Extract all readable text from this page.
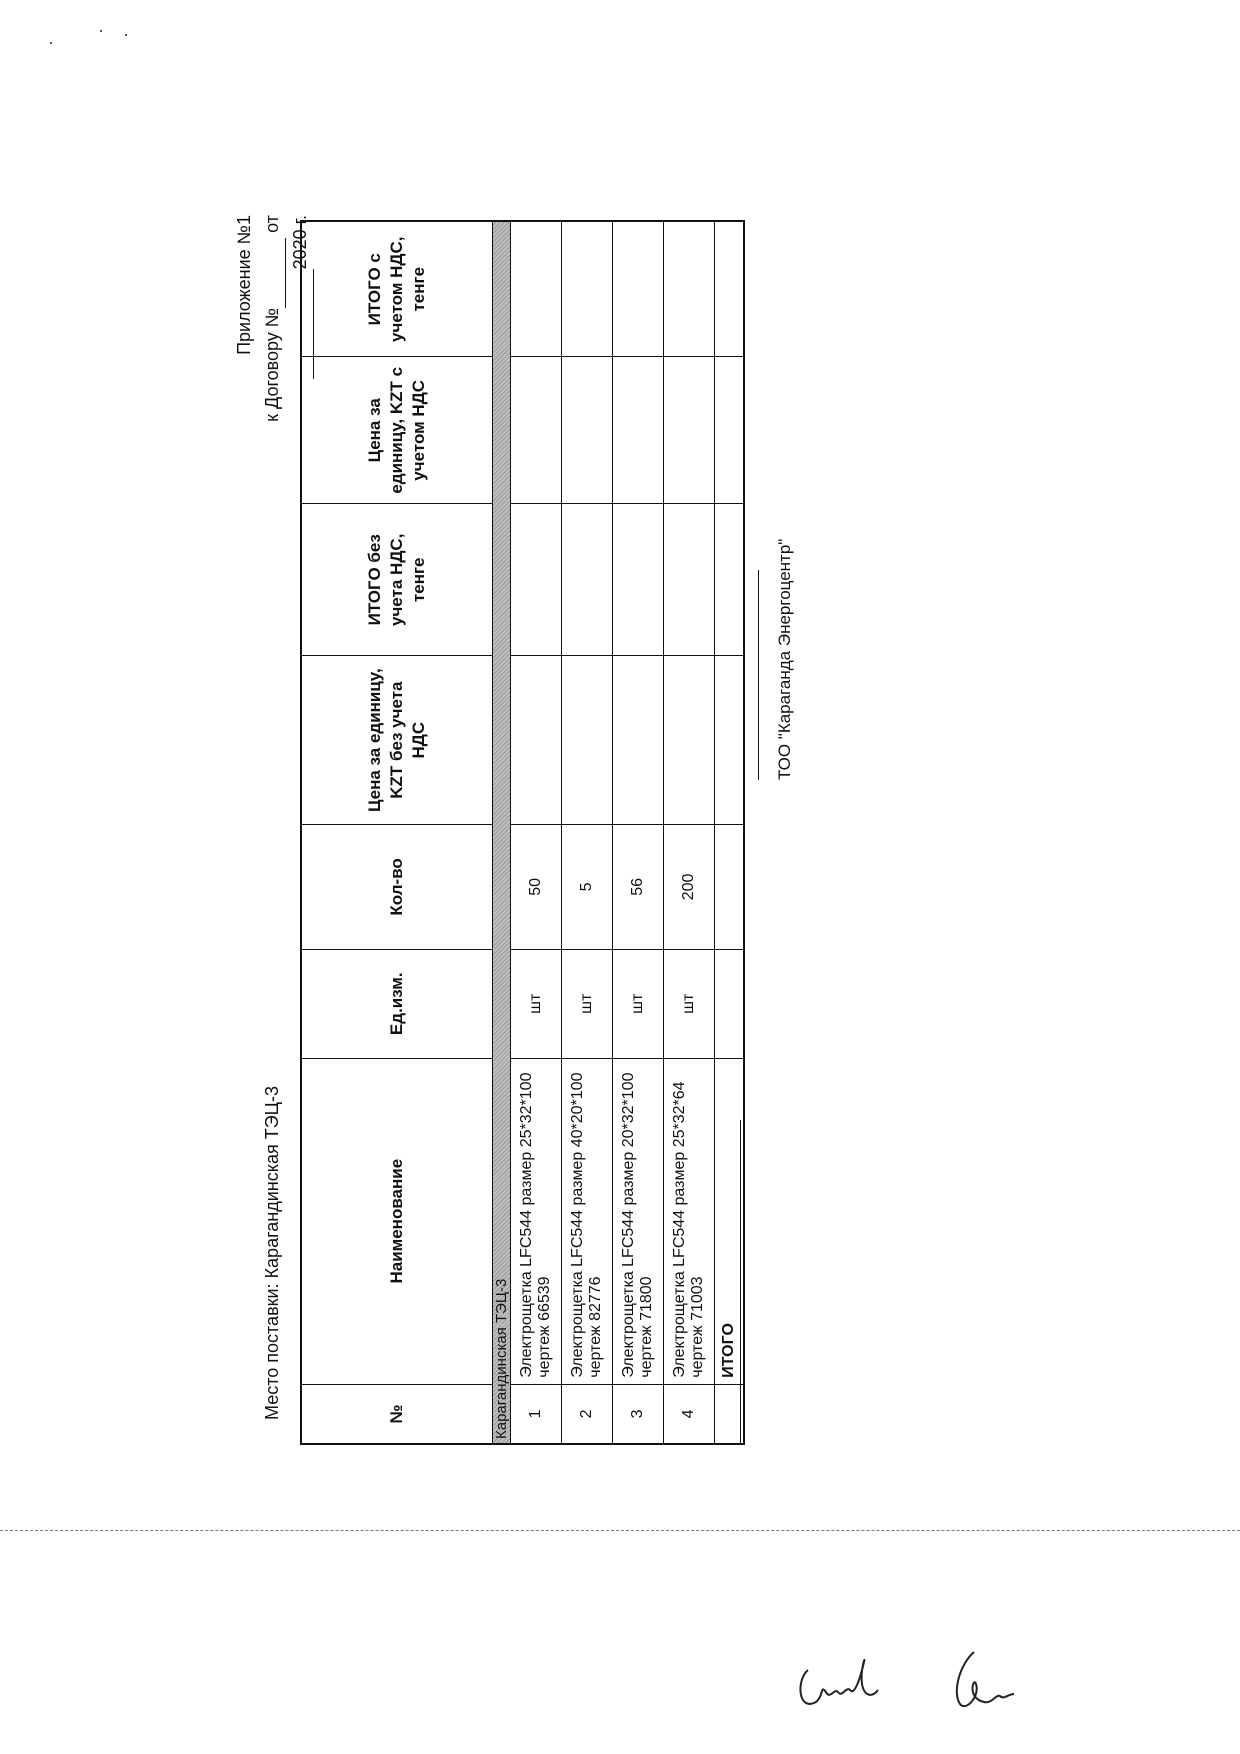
Приложение №1
к Договору № от 2020 г.
Место поставки: Карагандинская ТЭЦ-3	№	Наименование	Ед.изм.	Кол-во	Цена за единицу, KZT без учета НДС	ИТОГО без учета НДС, тенге	Цена за единицу, KZT с учетом НДС	ИТОГО с учетом НДС, тенге
Карагандинская ТЭЦ-3							
1	Электрощетка LFC544 размер 25*32*100 чертеж 66539	шт	50				
2	Электрощетка LFC544 размер 40*20*100 чертеж 82776	шт	5				
3	Электрощетка LFC544 размер 20*32*100 чертеж 71800	шт	56				
4	Электрощетка LFC544 размер 25*32*64 чертеж 71003	шт	200				
	ИТОГО						
ТОО "Караганда Энергоцентр"
